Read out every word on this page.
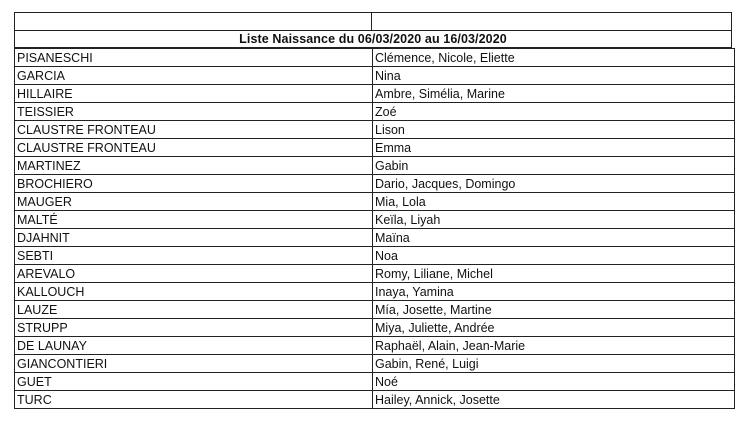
Liste Naissance du 06/03/2020 au 16/03/2020
PISANESCHI	Clémence, Nicole, Eliette
GARCIA	Nina
HILLAIRE	Ambre, Simélia, Marine
TEISSIER	Zoé
CLAUSTRE FRONTEAU	Lison
CLAUSTRE FRONTEAU	Emma
MARTINEZ	Gabin
BROCHIERO	Dario, Jacques, Domingo
MAUGER	Mia, Lola
MALTÉ	Keïla, Liyah
DJAHNIT	Maïna
SEBTI	Noa
AREVALO	Romy, Liliane, Michel
KALLOUCH	Inaya, Yamina
LAUZE	Mía, Josette, Martine
STRUPP	Miya, Juliette, Andrée
DE LAUNAY	Raphaël, Alain, Jean-Marie
GIANCONTIERI	Gabin, René, Luigi
GUET	Noé
TURC	Hailey, Annick, Josette
